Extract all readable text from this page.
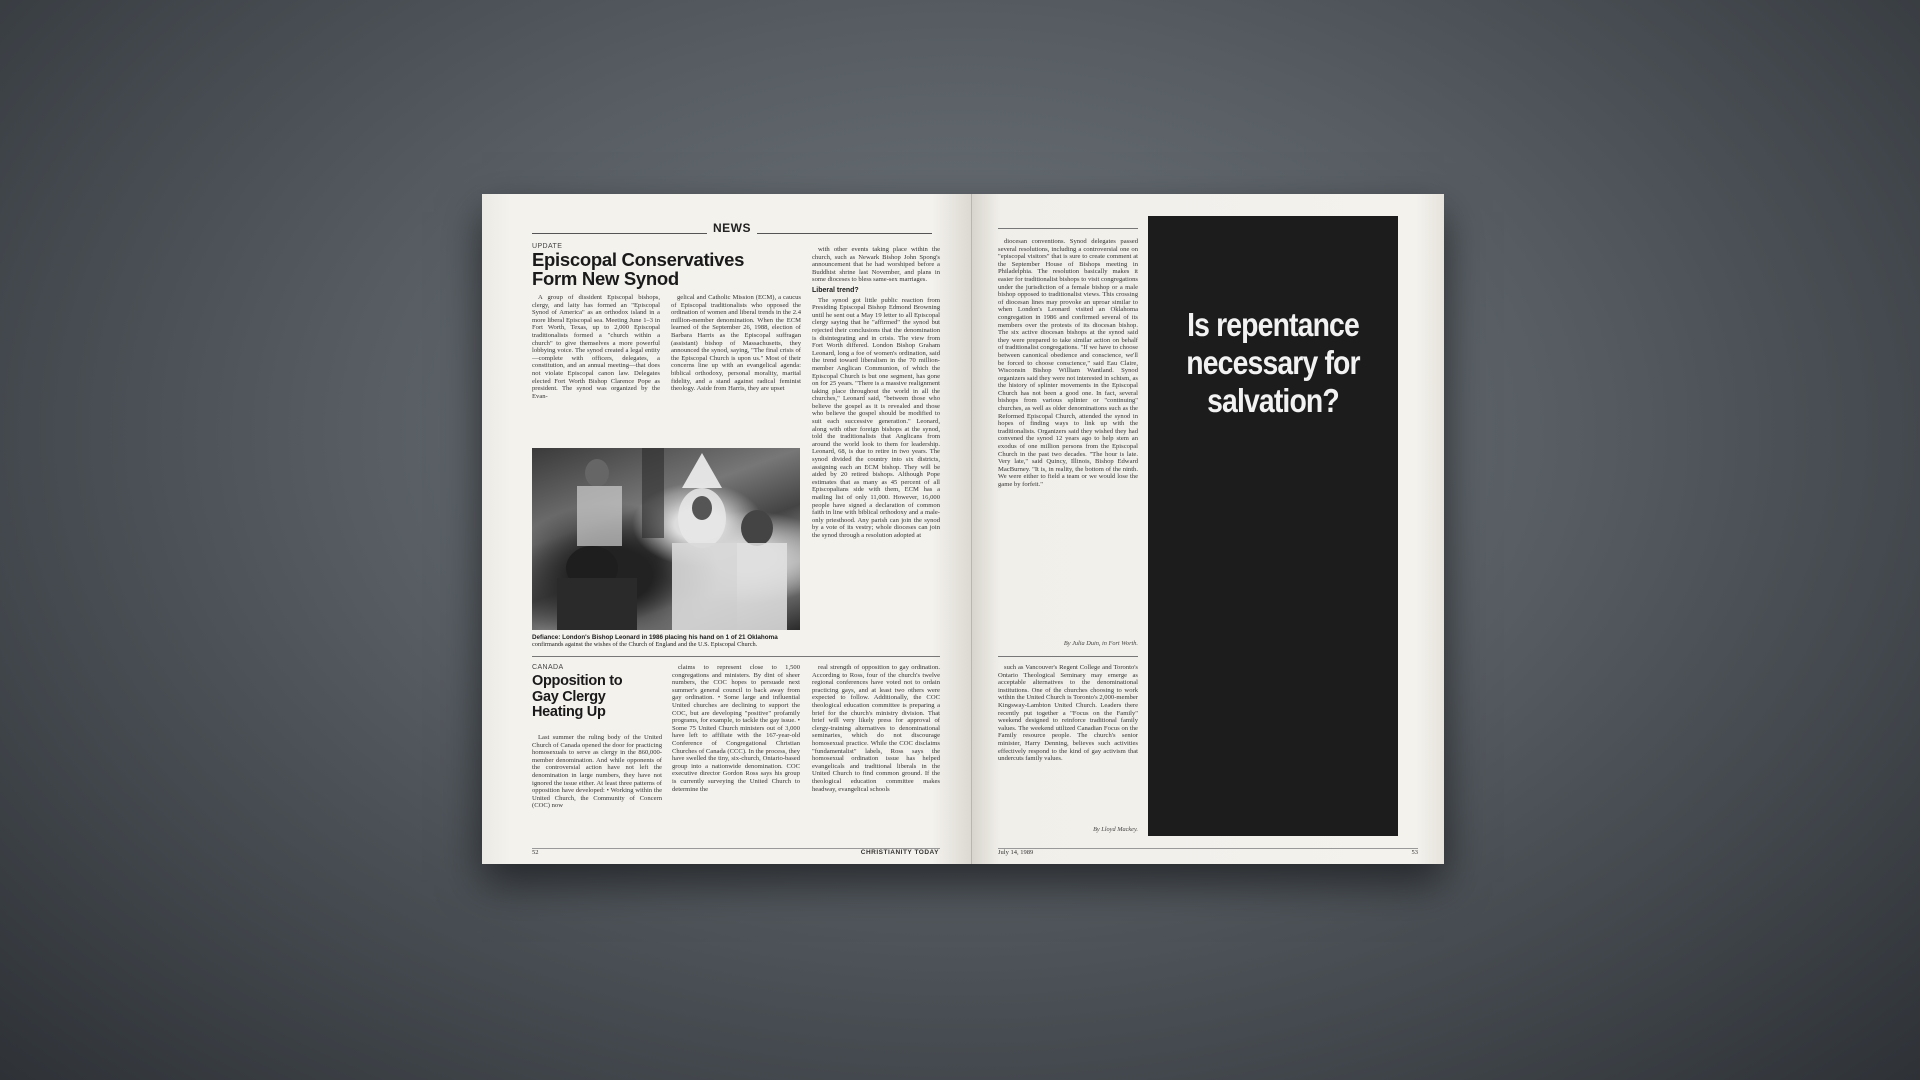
NEWS
UPDATE
Episcopal Conservatives
Form New Synod

A group of dissident Episcopal bishops, clergy, and laity has formed an "Episcopal Synod of America" as an orthodox island in a more liberal Episcopal sea. Meeting June 1–3 in Fort Worth, Texas, up to 2,000 Episcopal traditionalists formed a "church within a church" to give themselves a more powerful lobbying voice. The synod created a legal entity—complete with officers, delegates, a constitution, and an annual meeting—that does not violate Episcopal canon law. Delegates elected Fort Worth Bishop Clarence Pope as president. The synod was organized by the Evan-

gelical and Catholic Mission (ECM), a caucus of Episcopal traditionalists who opposed the ordination of women and liberal trends in the 2.4 million-member denomination. When the ECM learned of the September 26, 1988, election of Barbara Harris as the Episcopal suffragan (assistant) bishop of Massachusetts, they announced the synod, saying, "The final crisis of the Episcopal Church is upon us." Most of their concerns line up with an evangelical agenda: biblical orthodoxy, personal morality, marital fidelity, and a stand against radical feminist theology. Aside from Harris, they are upset

with other events taking place within the church, such as Newark Bishop John Spong's announcement that he had worshiped before a Buddhist shrine last November, and plans in some dioceses to bless same-sex marriages.

Liberal trend?

The synod got little public reaction from Presiding Episcopal Bishop Edmond Browning until he sent out a May 19 letter to all Episcopal clergy saying that he "affirmed" the synod but rejected their conclusions that the denomination is disintegrating and in crisis. The view from Fort Worth differed. London Bishop Graham Leonard, long a foe of women's ordination, said the trend toward liberalism in the 70 million-member Anglican Communion, of which the Episcopal Church is but one segment, has gone on for 25 years. "There is a massive realignment taking place throughout the world in all the churches," Leonard said, "between those who believe the gospel as it is revealed and those who believe the gospel should be modified to suit each successive generation." Leonard, along with other foreign bishops at the synod, told the traditionalists that Anglicans from around the world look to them for leadership. Leonard, 68, is due to retire in two years. The synod divided the country into six districts, assigning each an ECM bishop. They will be aided by 20 retired bishops. Although Pope estimates that as many as 45 percent of all Episcopalians side with them, ECM has a mailing list of only 11,000. However, 16,000 people have signed a declaration of common faith in line with biblical orthodoxy and a male-only priesthood. Any parish can join the synod by a vote of its vestry; whole dioceses can join the synod through a resolution adopted at

Defiance: London's Bishop Leonard in 1986 placing his hand on 1 of 21 Oklahoma confirmands against the wishes of the Church of England and the U.S. Episcopal Church.
CANADA
Opposition to
Gay Clergy
Heating Up

Last summer the ruling body of the United Church of Canada opened the door for practicing homosexuals to serve as clergy in the 860,000-member denomination. And while opponents of the controversial action have not left the denomination in large numbers, they have not ignored the issue either. At least three patterns of opposition have developed: • Working within the United Church, the Community of Concern (COC) now

claims to represent close to 1,500 congregations and ministers. By dint of sheer numbers, the COC hopes to persuade next summer's general council to back away from gay ordination. • Some large and influential United churches are declining to support the COC, but are developing "positive" profamily programs, for example, to tackle the gay issue. • Some 75 United Church ministers out of 3,000 have left to affiliate with the 167-year-old Conference of Congregational Christian Churches of Canada (CCC). In the process, they have swelled the tiny, six-church, Ontario-based group into a nationwide denomination. COC executive director Gordon Ross says his group is currently surveying the United Church to determine the

real strength of opposition to gay ordination. According to Ross, four of the church's twelve regional conferences have voted not to ordain practicing gays, and at least two others were expected to follow. Additionally, the COC theological education committee is preparing a brief for the church's ministry division. That brief will very likely press for approval of clergy-training alternatives to denominational seminaries, which do not discourage homosexual practice. While the COC disclaims "fundamentalist" labels, Ross says the homosexual ordination issue has helped evangelicals and traditional liberals in the United Church to find common ground. If the theological education committee makes headway, evangelical schools

52	CHRISTIANITY TODAY

diocesan conventions. Synod delegates passed several resolutions, including a controversial one on "episcopal visitors" that is sure to create comment at the September House of Bishops meeting in Philadelphia. The resolution basically makes it easier for traditionalist bishops to visit congregations under the jurisdiction of a female bishop or a male bishop opposed to traditionalist views. This crossing of diocesan lines may provoke an uproar similar to when London's Leonard visited an Oklahoma congregation in 1986 and confirmed several of its members over the protests of its diocesan bishop. The six active diocesan bishops at the synod said they were prepared to take similar action on behalf of traditionalist congregations. "If we have to choose between canonical obedience and conscience, we'll be forced to choose conscience," said Eau Claire, Wisconsin Bishop William Wantland. Synod organizers said they were not interested in schism, as the history of splinter movements in the Episcopal Church has not been a good one. In fact, several bishops from various splinter or "continuing" churches, as well as older denominations such as the Reformed Episcopal Church, attended the synod in hopes of finding ways to link up with the traditionalists. Organizers said they wished they had convened the synod 12 years ago to help stem an exodus of one million persons from the Episcopal Church in the past two decades. "The hour is late. Very late," said Quincy, Illinois, Bishop Edward MacBurney. "It is, in reality, the bottom of the ninth. We were either to field a team or we would lose the game by forfeit."

By Julia Duin, in Fort Worth.

such as Vancouver's Regent College and Toronto's Ontario Theological Seminary may emerge as acceptable alternatives to the denominational institutions. One of the churches choosing to work within the United Church is Toronto's 2,000-member Kingsway-Lambton United Church. Leaders there recently put together a "Focus on the Family" weekend designed to reinforce traditional family values. The weekend utilized Canadian Focus on the Family resource people. The church's senior minister, Harry Denning, believes such activities effectively respond to the kind of gay activism that undercuts family values.

By Lloyd Mackey.
Is repentance
necessary for
salvation?
July 14, 1989	53
